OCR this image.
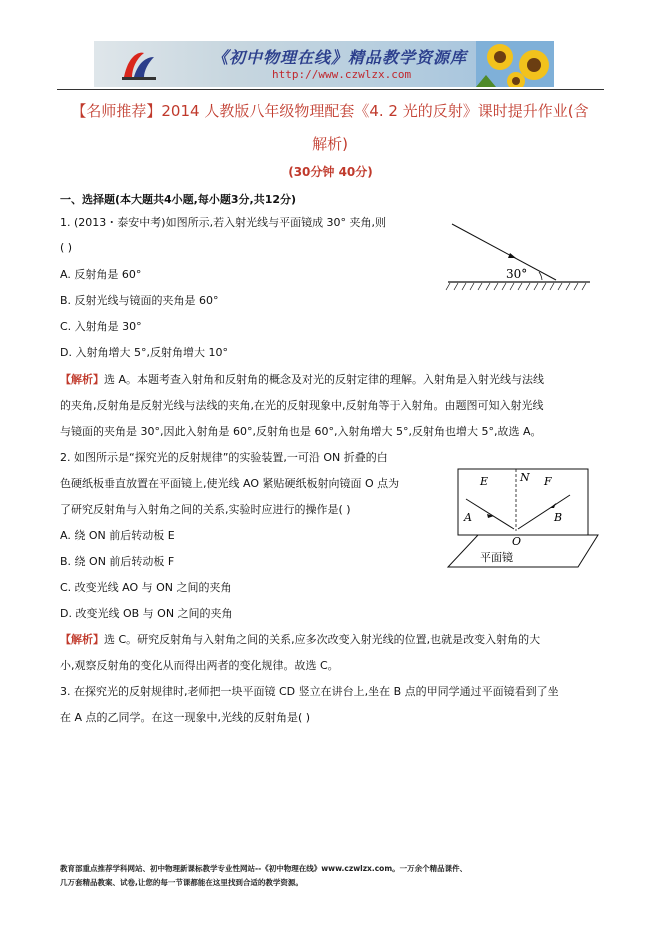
《初中物理在线》精品教学资源库
http://www.czwlzx.com
【名师推荐】2014 人教版八年级物理配套《4. 2 光的反射》课时提升作业(含
解析)
(30分钟 40分)
一、选择题(本大题共4小题,每小题3分,共12分)
1. (2013・泰安中考)如图所示,若入射光线与平面镜成 30° 夹角,则
( )
A. 反射角是 60°
B. 反射光线与镜面的夹角是 60°
C. 入射角是 30°
D. 入射角增大 5°,反射角增大 10°
30°
【解析】选 A。本题考查入射角和反射角的概念及对光的反射定律的理解。入射角是入射光线与法线
的夹角,反射角是反射光线与法线的夹角,在光的反射现象中,反射角等于入射角。由题图可知入射光线
与镜面的夹角是 30°,因此入射角是 60°,反射角也是 60°,入射角增大 5°,反射角也增大 5°,故选 A。
2. 如图所示是“探究光的反射规律”的实验装置,一可沿 ON 折叠的白
色硬纸板垂直放置在平面镜上,使光线 AO 紧贴硬纸板射向镜面 O 点为
了研究反射角与入射角之间的关系,实验时应进行的操作是( )
A. 绕 ON 前后转动板 E
B. 绕 ON 前后转动板 F
C. 改变光线 AO 与 ON 之间的夹角
D. 改变光线 OB 与 ON 之间的夹角
E	N F
A	B
O
平面镜
【解析】选 C。研究反射角与入射角之间的关系,应多次改变入射光线的位置,也就是改变入射角的大
小,观察反射角的变化从而得出两者的变化规律。故选 C。
3. 在探究光的反射规律时,老师把一块平面镜 CD 竖立在讲台上,坐在 B 点的甲同学通过平面镜看到了坐
在 A 点的乙同学。在这一现象中,光线的反射角是( )
教育部重点推荐学科网站、初中物理新课标教学专业性网站--《初中物理在线》www.czwlzx.com。一万余个精品课件、
几万套精品教案、试卷,让您的每一节课都能在这里找到合适的教学资源。
